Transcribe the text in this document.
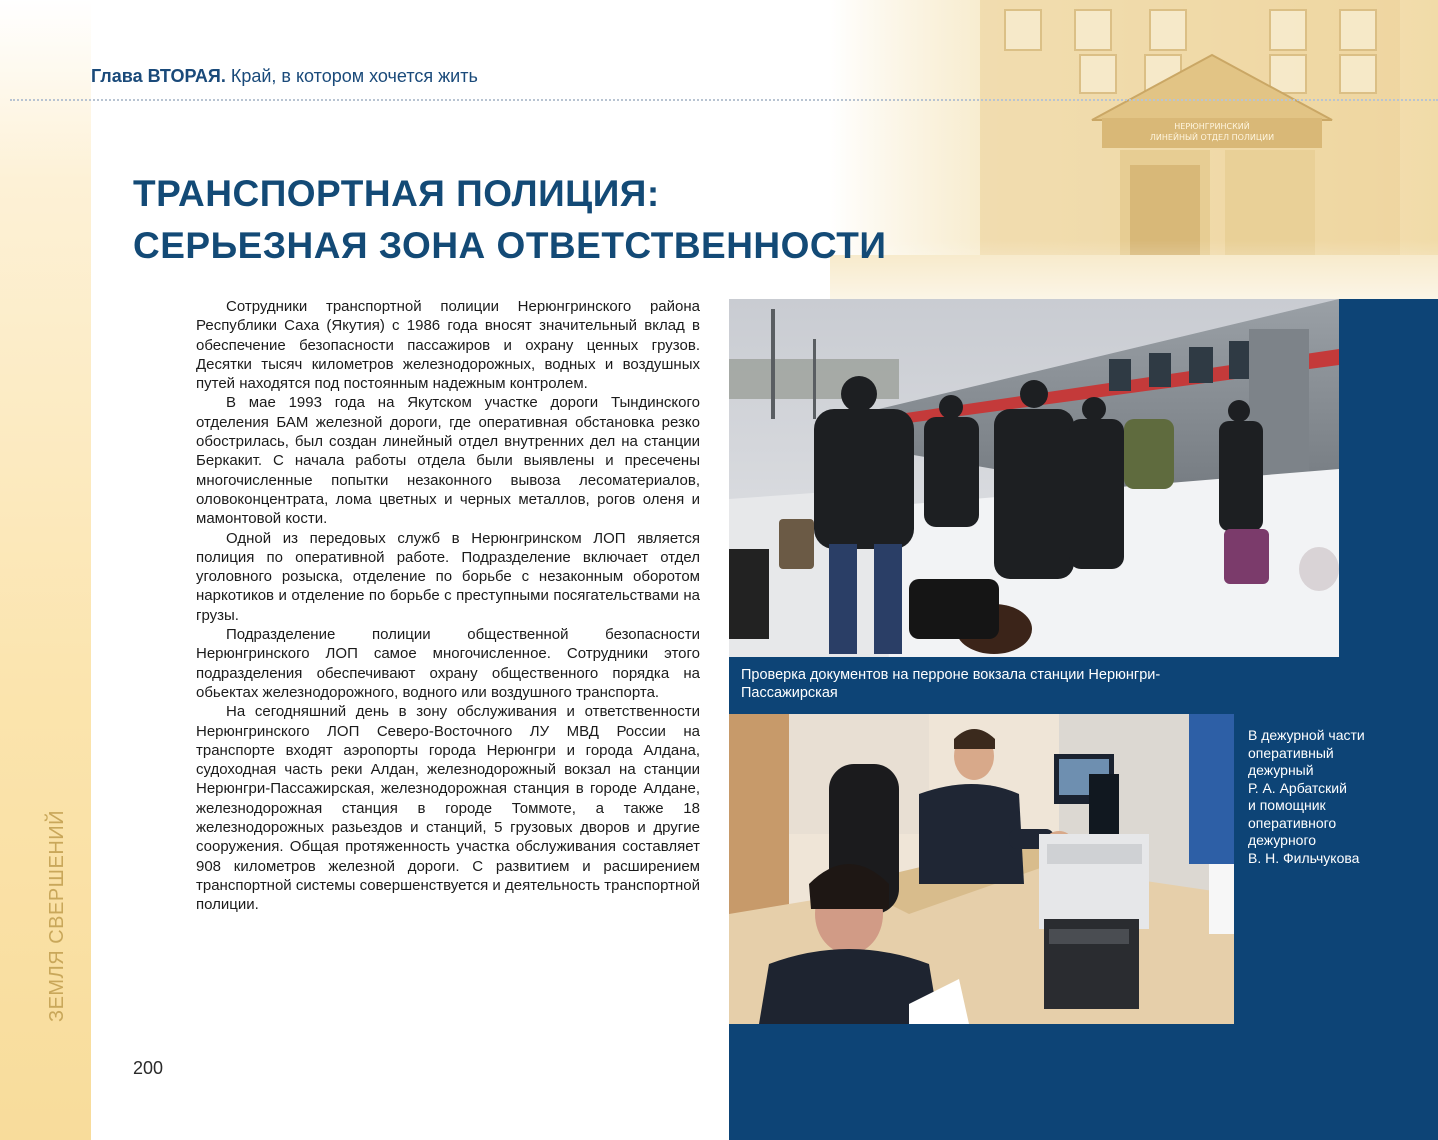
ЗЕМЛЯ СВЕРШЕНИЙ
Глава ВТОРАЯ. Край, в котором хочется жить
ТРАНСПОРТНАЯ ПОЛИЦИЯ:
СЕРЬЕЗНАЯ ЗОНА ОТВЕТСТВЕННОСТИ

Сотрудники транспортной полиции Нерюнгринского района Республики Саха (Якутия) с 1986 года вносят значительный вклад в обеспечение безопасности пассажиров и охрану ценных грузов. Десятки тысяч километров железнодорожных, водных и воздушных путей находятся под постоянным надежным контролем.

В мае 1993 года на Якутском участке дороги Тындинского отделения БАМ железной дороги, где оперативная обстановка резко обострилась, был создан линейный отдел внутренних дел на станции Беркакит. С начала работы отдела были выявлены и пресечены многочисленные попытки незаконного вывоза лесоматериалов, оловоконцентрата, лома цветных и черных металлов, рогов оленя и мамонтовой кости.

Одной из передовых служб в Нерюнгринском ЛОП является полиция по оперативной работе. Подразделение включает отдел уголовного розыска, отделение по борьбе с незаконным оборотом наркотиков и отделение по борьбе с преступными посягательствами на грузы.

Подразделение полиции общественной безопасности Нерюнгринского ЛОП самое многочисленное. Сотрудники этого подразделения обеспечивают охрану общественного порядка на обьектах железнодорожного, водного или воздушного транспорта.

На сегодняшний день в зону обслуживания и ответственности Нерюнгринского ЛОП Северо-Восточного ЛУ МВД России на транспорте входят аэропорты города Нерюнгри и города Алдана, судоходная часть реки Алдан, железнодорожный вокзал на станции Нерюнгри-Пассажирская, железнодорожная станция в городе Алдане, железнодорожная станция в городе Томмоте, а также 18 железнодорожных разьездов и станций, 5 грузовых дворов и другие сооружения. Общая протяженность участка обслуживания составляет 908 километров железной дороги. С развитием и расширением транспортной системы совершенствуется и деятельность транспортной полиции.

200
Проверка документов на перроне вокзала станции Нерюнгри-Пассажирская
В дежурной части
оперативный
дежурный
Р. А. Арбатский
и помощник
оперативного
дежурного
В. Н. Фильчукова
